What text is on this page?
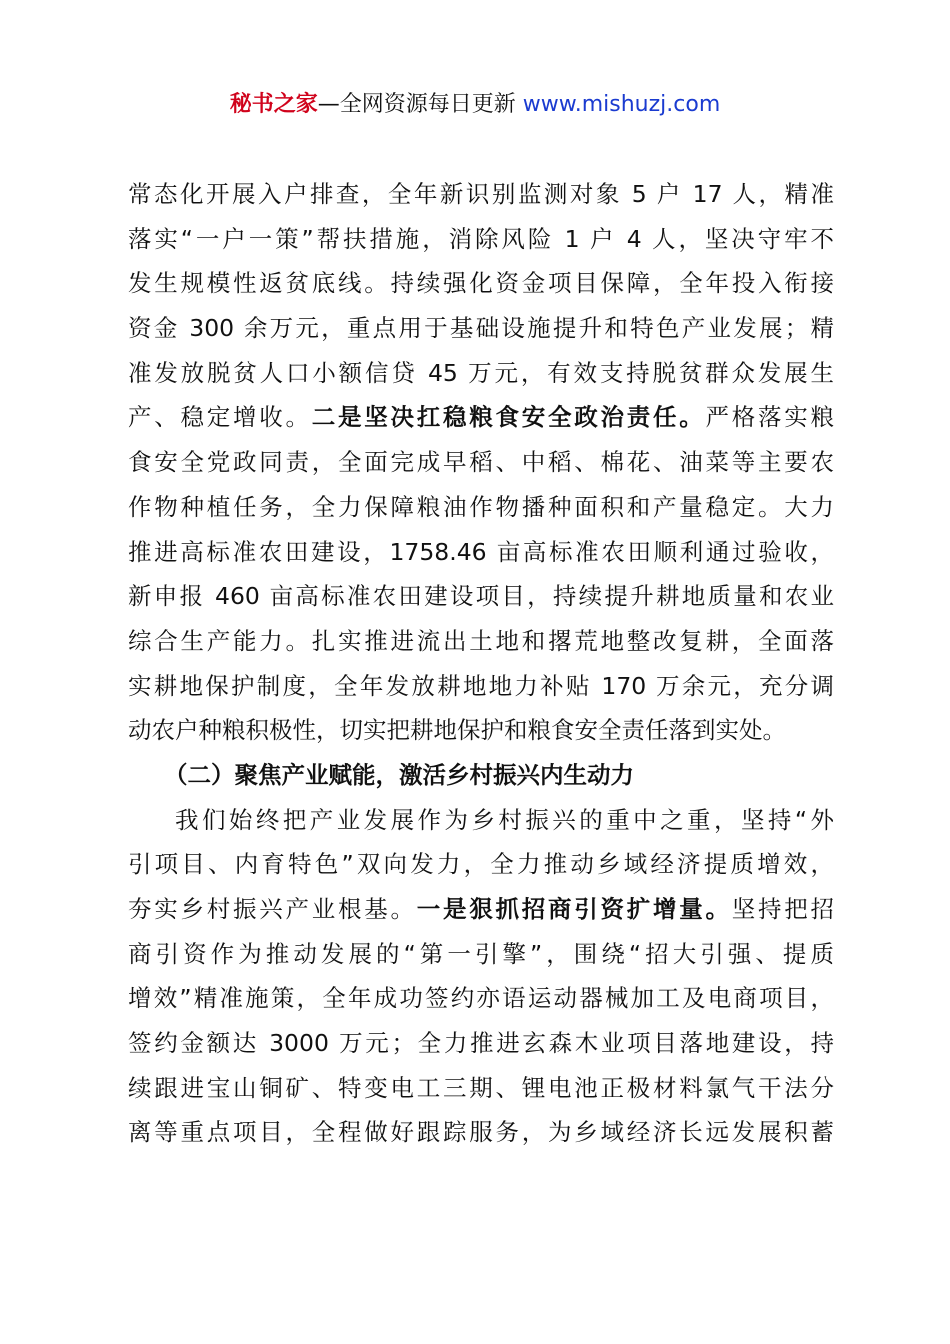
秘书之家—全网资源每日更新 www.mishuzj.com
常态化开展入户排查，全年新识别监测对象 5 户 17 人，精准
落实“一户一策”帮扶措施，消除风险 1 户 4 人，坚决守牢不
发生规模性返贫底线。持续强化资金项目保障，全年投入衔接
资金 300 余万元，重点用于基础设施提升和特色产业发展；精
准发放脱贫人口小额信贷 45 万元，有效支持脱贫群众发展生
产、稳定增收。二是坚决扛稳粮食安全政治责任。严格落实粮
食安全党政同责，全面完成早稻、中稻、棉花、油菜等主要农
作物种植任务，全力保障粮油作物播种面积和产量稳定。大力
推进高标准农田建设，1758.46 亩高标准农田顺利通过验收，
新申报 460 亩高标准农田建设项目，持续提升耕地质量和农业
综合生产能力。扎实推进流出土地和撂荒地整改复耕，全面落
实耕地保护制度，全年发放耕地地力补贴 170 万余元，充分调
动农户种粮积极性，切实把耕地保护和粮食安全责任落到实处。
（二）聚焦产业赋能，激活乡村振兴内生动力
我们始终把产业发展作为乡村振兴的重中之重，坚持“外
引项目、内育特色”双向发力，全力推动乡域经济提质增效，
夯实乡村振兴产业根基。一是狠抓招商引资扩增量。坚持把招
商引资作为推动发展的“第一引擎”，围绕“招大引强、提质
增效”精准施策，全年成功签约亦语运动器械加工及电商项目，
签约金额达 3000 万元；全力推进玄森木业项目落地建设，持
续跟进宝山铜矿、特变电工三期、锂电池正极材料氯气干法分
离等重点项目，全程做好跟踪服务，为乡域经济长远发展积蓄
